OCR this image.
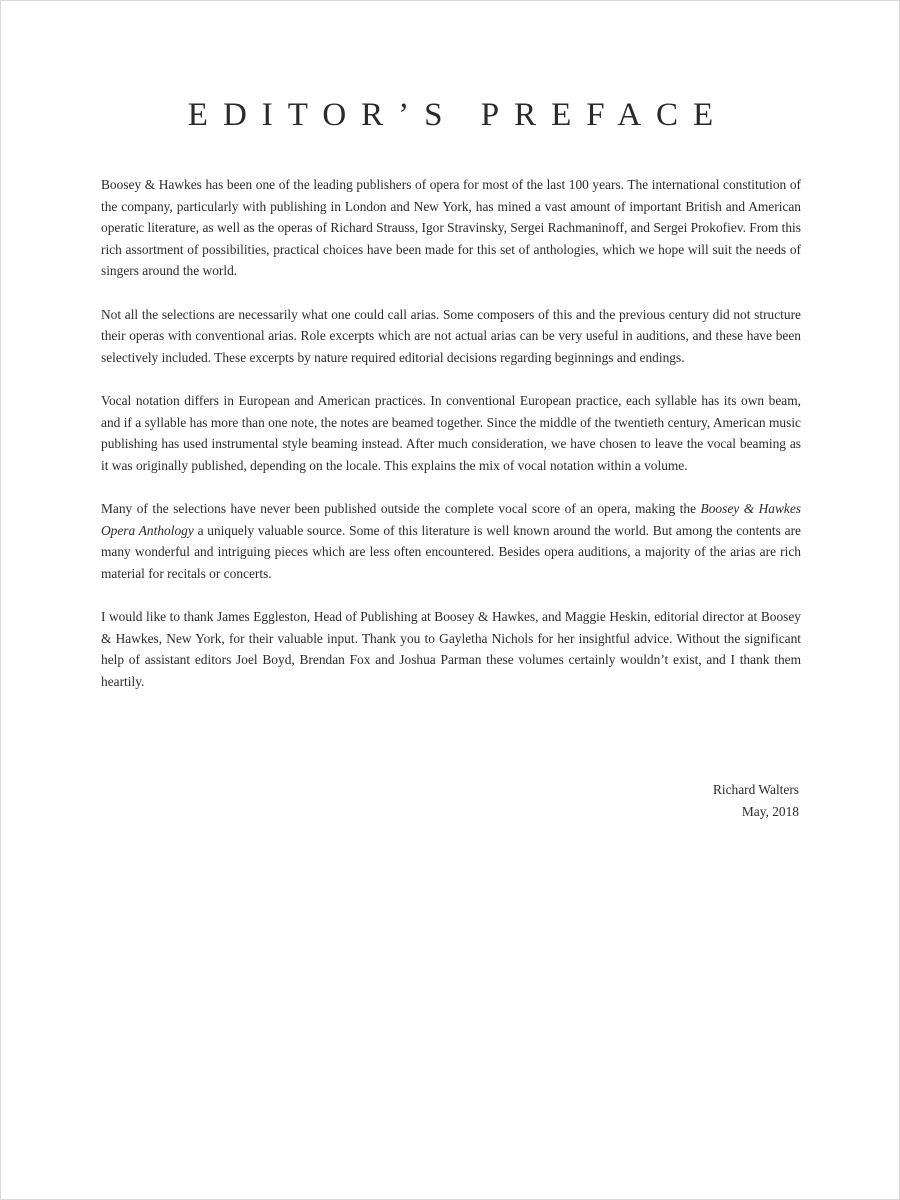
EDITOR’S PREFACE

Boosey & Hawkes has been one of the leading publishers of opera for most of the last 100 years. The international constitution of the company, particularly with publishing in London and New York, has mined a vast amount of important British and American operatic literature, as well as the operas of Richard Strauss, Igor Stravinsky, Sergei Rachmaninoff, and Sergei Prokofiev. From this rich assortment of possibilities, practical choices have been made for this set of anthologies, which we hope will suit the needs of singers around the world.

Not all the selections are necessarily what one could call arias. Some composers of this and the previous century did not structure their operas with conventional arias. Role excerpts which are not actual arias can be very useful in auditions, and these have been selectively included. These excerpts by nature required editorial decisions regarding beginnings and endings.

Vocal notation differs in European and American practices. In conventional European practice, each syllable has its own beam, and if a syllable has more than one note, the notes are beamed together. Since the middle of the twentieth century, American music publishing has used instrumental style beaming instead. After much consideration, we have chosen to leave the vocal beaming as it was originally published, depending on the locale. This explains the mix of vocal notation within a volume.

Many of the selections have never been published outside the complete vocal score of an opera, making the Boosey & Hawkes Opera Anthology a uniquely valuable source. Some of this literature is well known around the world. But among the contents are many wonderful and intriguing pieces which are less often encountered. Besides opera auditions, a majority of the arias are rich material for recitals or concerts.

I would like to thank James Eggleston, Head of Publishing at Boosey & Hawkes, and Maggie Heskin, editorial director at Boosey & Hawkes, New York, for their valuable input. Thank you to Gayletha Nichols for her insightful advice. Without the significant help of assistant editors Joel Boyd, Brendan Fox and Joshua Parman these volumes certainly wouldn’t exist, and I thank them heartily.

Richard Walters
May, 2018
